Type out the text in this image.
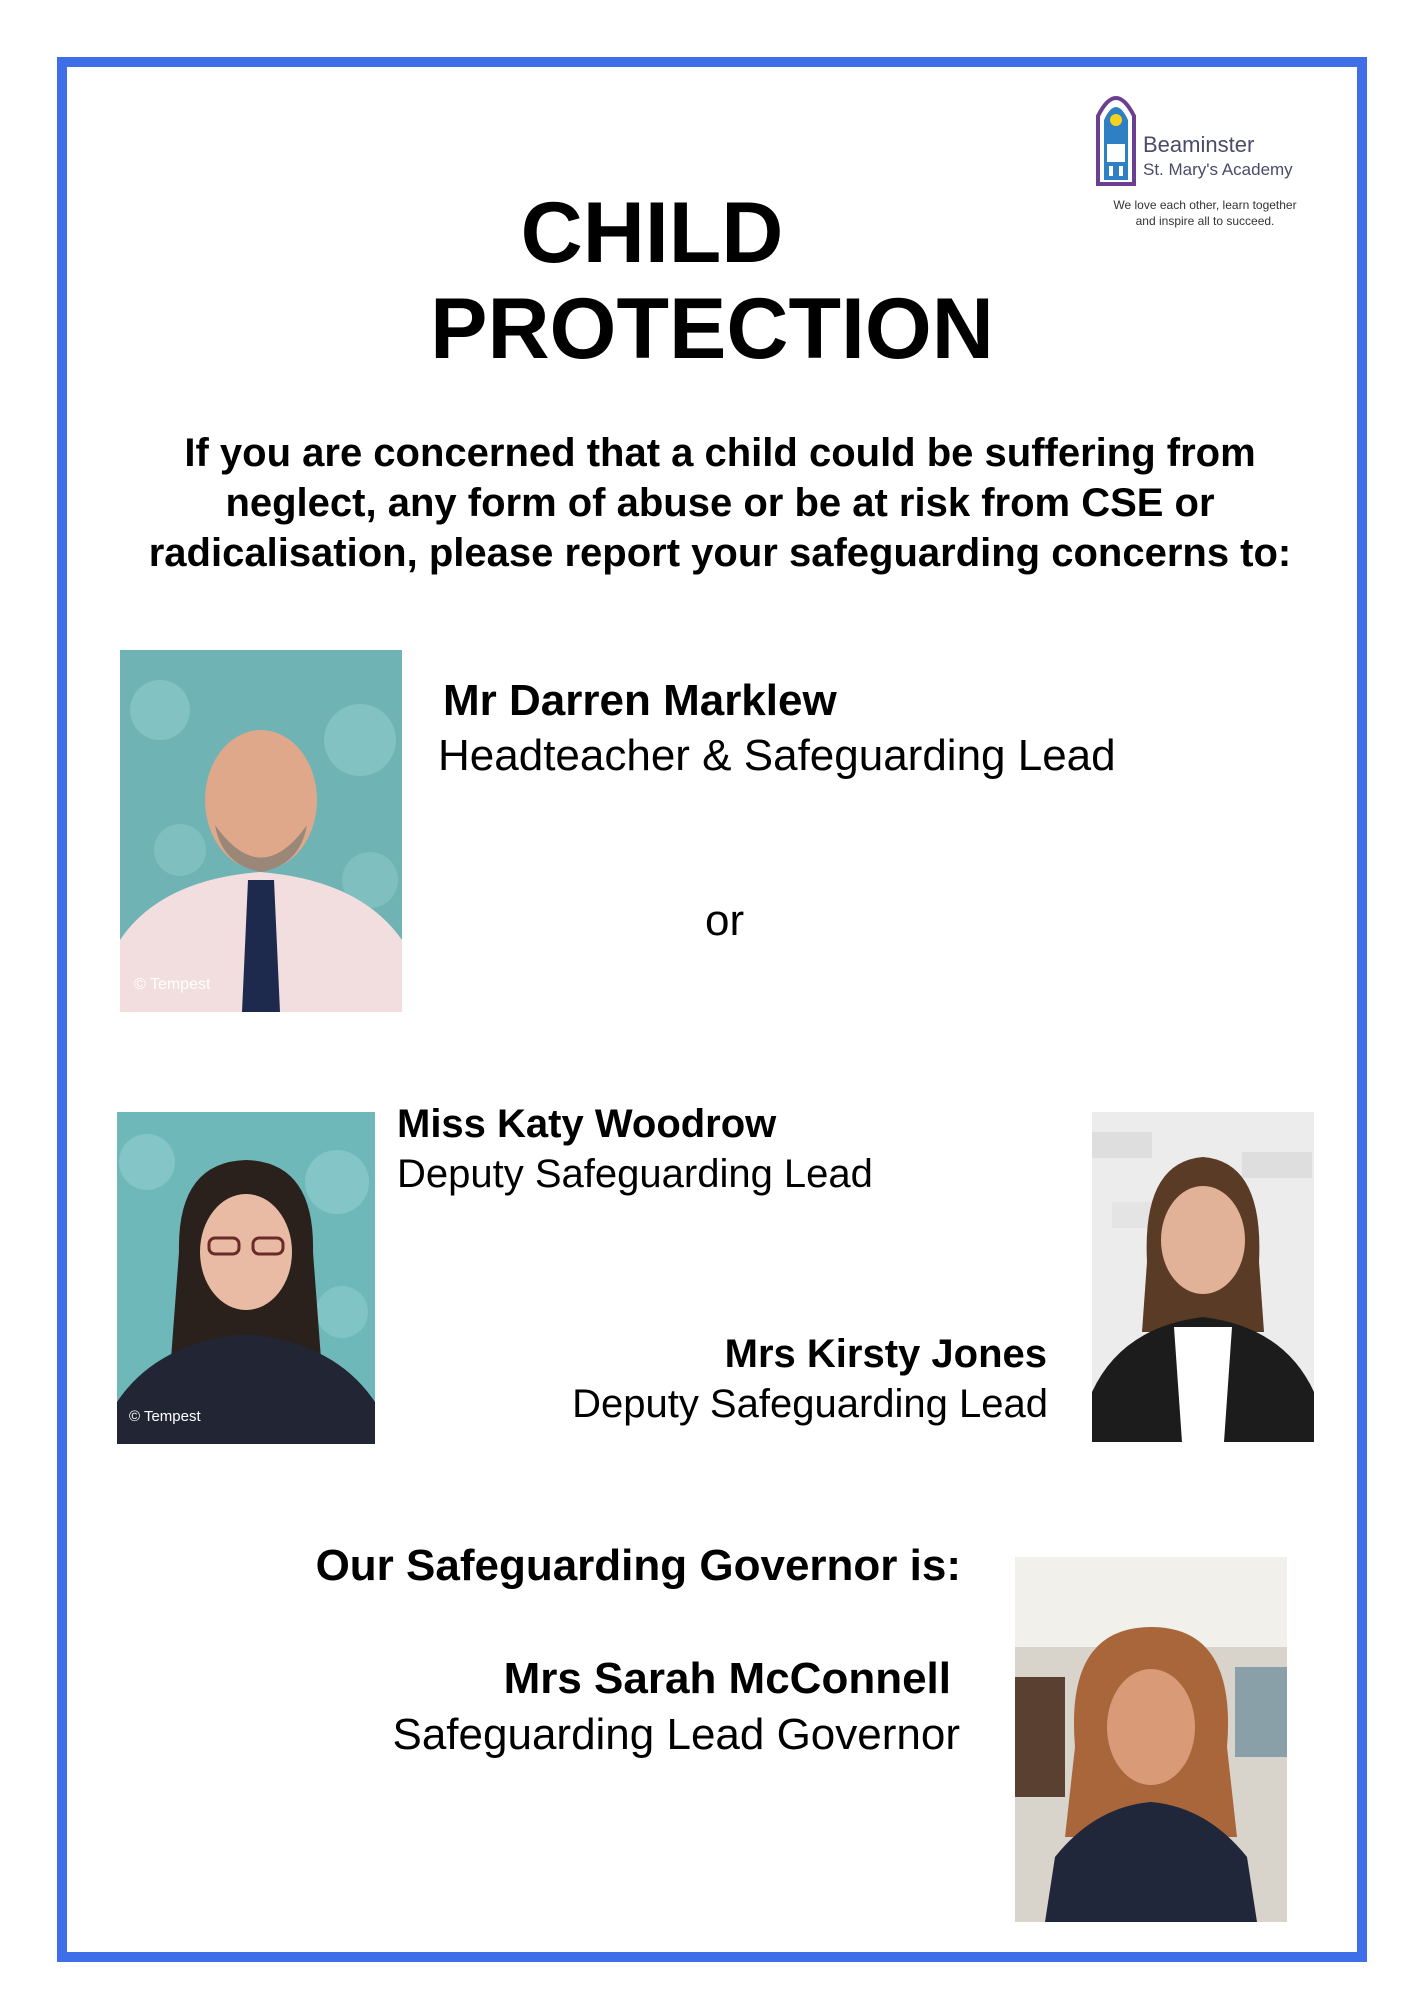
Beaminster
St. Mary's Academy
We love each other, learn together
and inspire all to succeed.
CHILD
PROTECTION
If you are concerned that a child could be suffering from
neglect, any form of abuse or be at risk from CSE or
radicalisation, please report your safeguarding concerns to:
© Tempest
Mr Darren Marklew
Headteacher & Safeguarding Lead
or
© Tempest
Miss Katy Woodrow
Deputy Safeguarding Lead
Mrs Kirsty Jones
Deputy Safeguarding Lead
Our Safeguarding Governor is:
Mrs Sarah McConnell
Safeguarding Lead Governor
